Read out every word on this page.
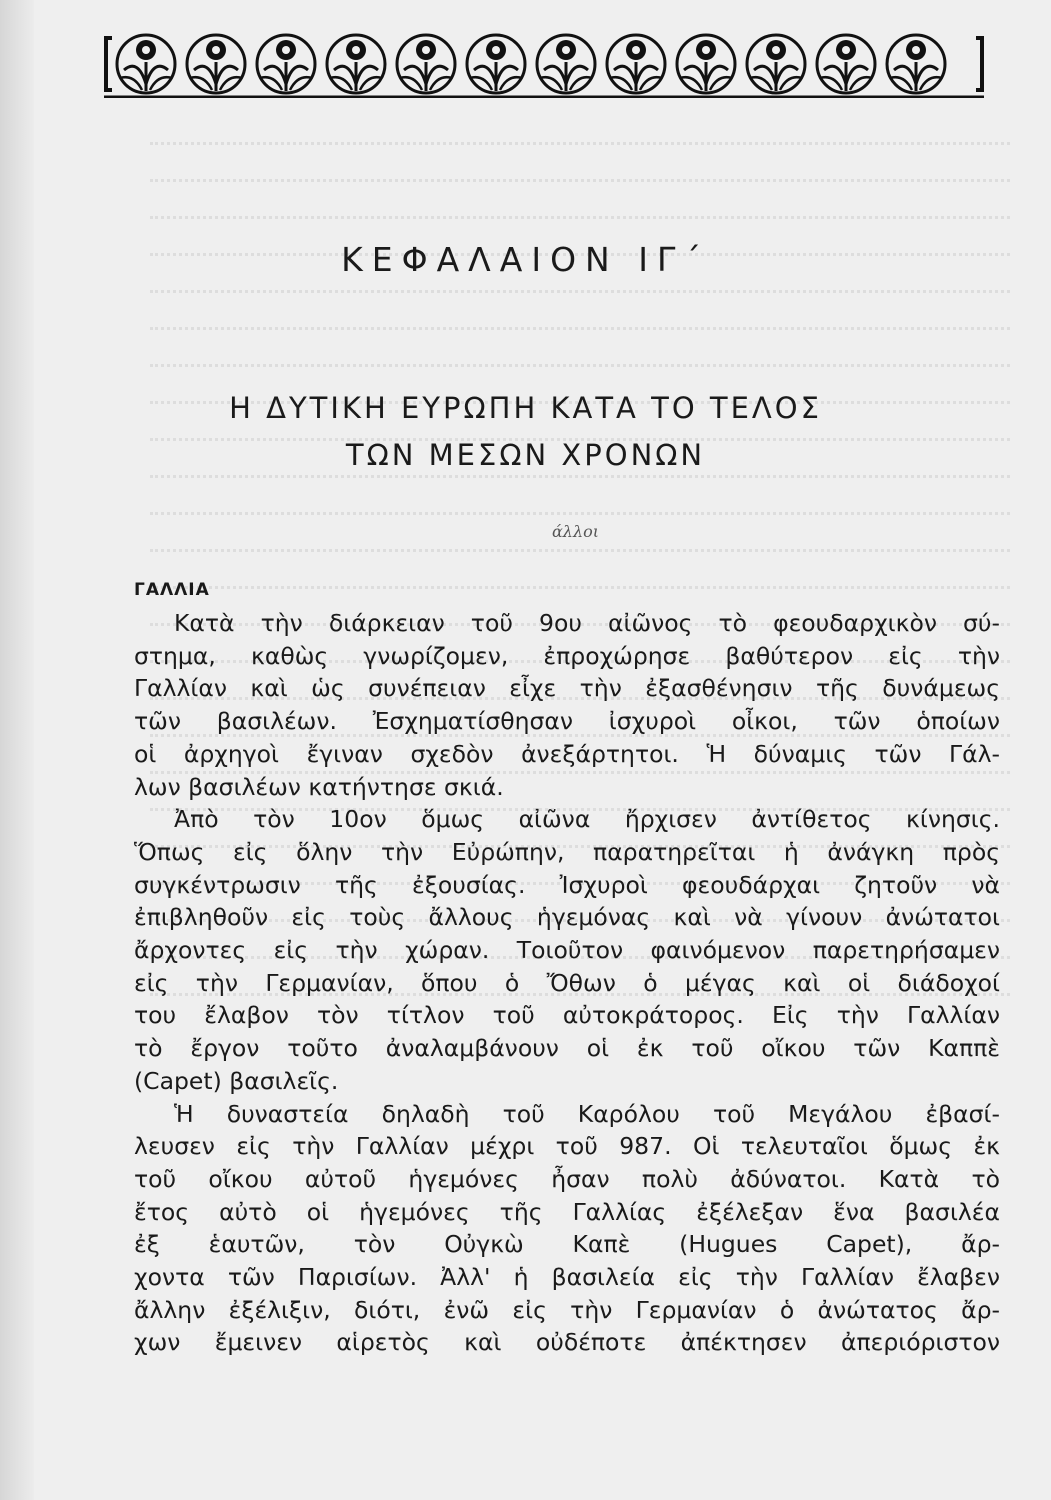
ΚΕΦΑΛΑΙΟΝ ΙΓ΄
Η ΔΥΤΙΚΗ ΕΥΡΩΠΗ ΚΑΤΑ ΤΟ ΤΕΛΟΣ
ΤΩΝ ΜΕΣΩΝ ΧΡΟΝΩΝ
άλλοι
ΓΑΛΛΙΑ
Κατὰ τὴν διάρκειαν τοῦ 9ου αἰῶνος τὸ φεουδαρχικὸν σύ-
στημα, καθὼς γνωρίζομεν, ἐπροχώρησε βαθύτερον εἰς τὴν
Γαλλίαν καὶ ὡς συνέπειαν εἶχε τὴν ἐξασθένησιν τῆς δυνάμεως
τῶν βασιλέων. Ἐσχηματίσθησαν ἰσχυροὶ οἶκοι, τῶν ὁποίων
οἱ ἀρχηγοὶ ἔγιναν σχεδὸν ἀνεξάρτητοι. Ἡ δύναμις τῶν Γάλ-
λων βασιλέων κατήντησε σκιά.
Ἀπὸ τὸν 10ον ὅμως αἰῶνα ἤρχισεν ἀντίθετος κίνησις.
Ὅπως εἰς ὅλην τὴν Εὐρώπην, παρατηρεῖται ἡ ἀνάγκη πρὸς
συγκέντρωσιν τῆς ἐξουσίας. Ἰσχυροὶ φεουδάρχαι ζητοῦν νὰ
ἐπιβληθοῦν εἰς τοὺς ἄλλους ἡγεμόνας καὶ νὰ γίνουν ἀνώτατοι
ἄρχοντες εἰς τὴν χώραν. Τοιοῦτον φαινόμενον παρετηρήσαμεν
εἰς τὴν Γερμανίαν, ὅπου ὁ Ὄθων ὁ μέγας καὶ οἱ διάδοχοί
του ἔλαβον τὸν τίτλον τοῦ αὐτοκράτορος. Εἰς τὴν Γαλλίαν
τὸ ἔργον τοῦτο ἀναλαμβάνουν οἱ ἐκ τοῦ οἴκου τῶν Καππὲ
(Capet) βασιλεῖς.
Ἡ δυναστεία δηλαδὴ τοῦ Καρόλου τοῦ Μεγάλου ἐβασί-
λευσεν εἰς τὴν Γαλλίαν μέχρι τοῦ 987. Οἱ τελευταῖοι ὅμως ἐκ
τοῦ οἴκου αὐτοῦ ἡγεμόνες ἦσαν πολὺ ἀδύνατοι. Κατὰ τὸ
ἔτος αὐτὸ οἱ ἡγεμόνες τῆς Γαλλίας ἐξέλεξαν ἕνα βασιλέα
ἐξ ἑαυτῶν, τὸν Οὐγκὼ Καπὲ (Hugues Capet), ἄρ-
χοντα τῶν Παρισίων. Ἀλλ' ἡ βασιλεία εἰς τὴν Γαλλίαν ἔλαβεν
ἄλλην ἐξέλιξιν, διότι, ἐνῶ εἰς τὴν Γερμανίαν ὁ ἀνώτατος ἄρ-
χων ἔμεινεν αἱρετὸς καὶ οὐδέποτε ἀπέκτησεν ἀπεριόριστον
